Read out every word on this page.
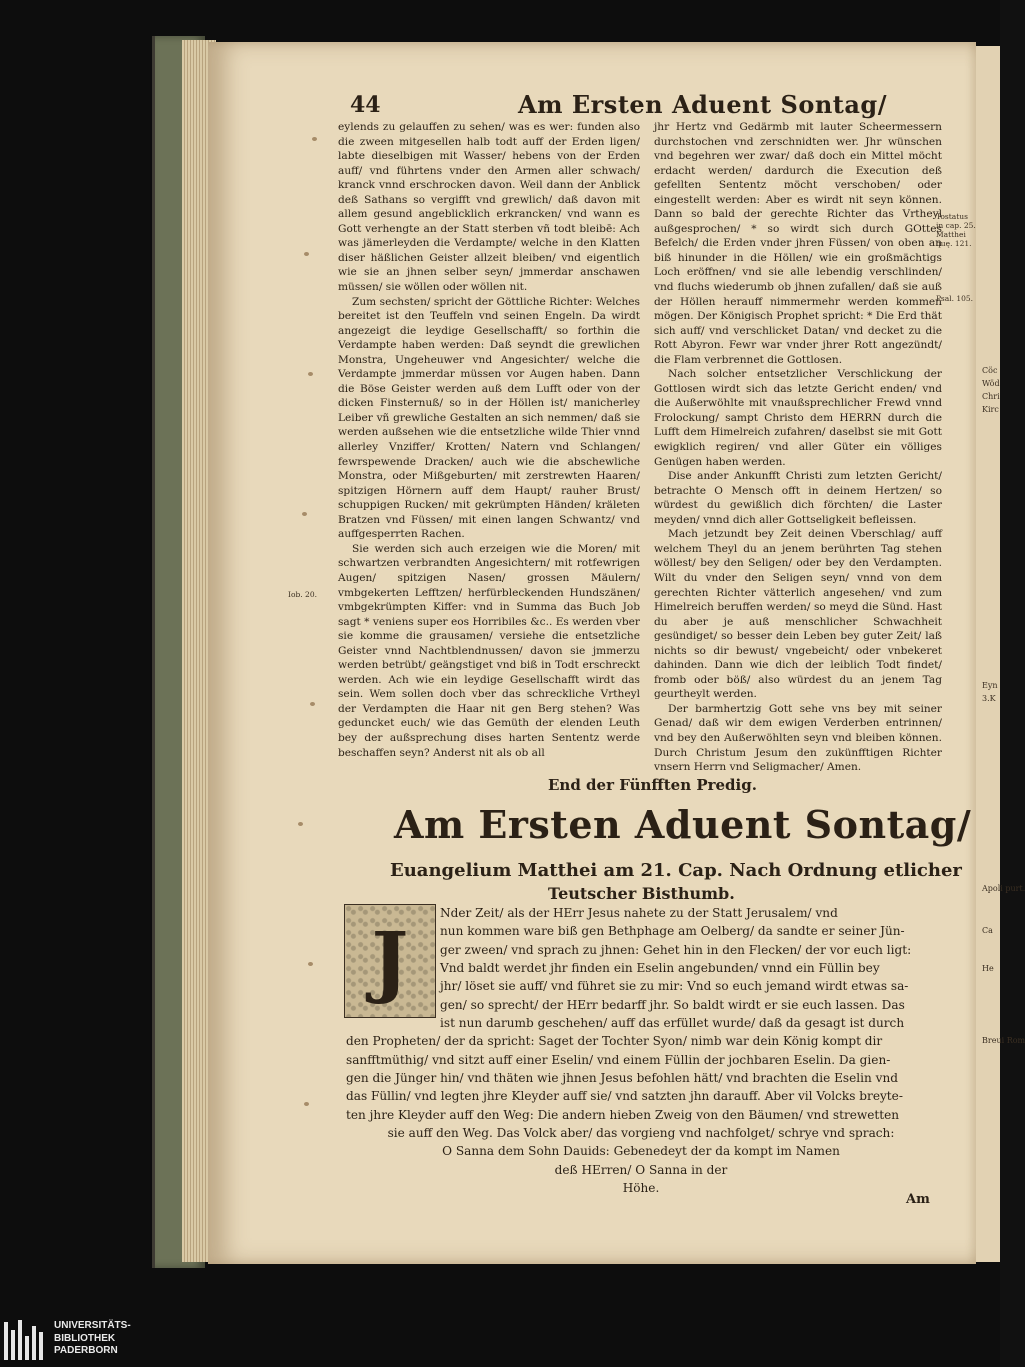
44	Am Ersten Aduent Sontag/

eylends zu gelauffen zu sehen/ was es wer: funden also die zween mitgesellen halb todt auff der Erden ligen/ labte dieselbigen mit Wasser/ hebens von der Erden auff/ vnd führtens vnder den Armen aller schwach/ kranck vnnd erschrocken davon. Weil dann der Anblick deß Sathans so vergifft vnd grewlich/ daß davon mit allem gesund angeblicklich erkrancken/ vnd wann es Gott verhengte an der Statt sterben vñ todt bleibē: Ach was jämerleyden die Verdampte/ welche in den Klatten diser häßlichen Geister allzeit bleiben/ vnd eigentlich wie sie an jhnen selber seyn/ jmmerdar anschawen müssen/ sie wöllen oder wöllen nit.

Zum sechsten/ spricht der Göttliche Richter: Welches bereitet ist den Teuffeln vnd seinen Engeln. Da wirdt angezeigt die leydige Gesellschafft/ so forthin die Verdampte haben werden: Daß seyndt die grewlichen Monstra, Ungeheuwer vnd Angesichter/ welche die Verdampte jmmerdar müssen vor Augen haben. Dann die Böse Geister werden auß dem Lufft oder von der dicken Finsternuß/ so in der Höllen ist/ manicherley Leiber vñ grewliche Gestalten an sich nemmen/ daß sie werden außsehen wie die entsetzliche wilde Thier vnnd allerley Vnziffer/ Krotten/ Natern vnd Schlangen/ fewrspewende Dracken/ auch wie die abschewliche Monstra, oder Mißgeburten/ mit zerstrewten Haaren/ spitzigen Hörnern auff dem Haupt/ rauher Brust/ schuppigen Rucken/ mit gekrümpten Händen/ kräleten Bratzen vnd Füssen/ mit einen langen Schwantz/ vnd auffgesperrten Rachen.

Sie werden sich auch erzeigen wie die Moren/ mit schwartzen verbrandten Angesichtern/ mit rotfewrigen Augen/ spitzigen Nasen/ grossen Mäulern/ vmbgekerten Lefftzen/ herfürbleckenden Hundszänen/ vmbgekrümpten Kiffer: vnd in Summa das Buch Job sagt * veniens super eos Horribiles &c.. Es werden vber sie komme die grausamen/ versiehe die entsetzliche Geister vnnd Nachtblendnussen/ davon sie jmmerzu werden betrübt/ geängstiget vnd biß in Todt erschreckt werden. Ach wie ein leydige Gesellschafft wirdt das sein. Wem sollen doch vber das schreckliche Vrtheyl der Verdampten die Haar nit gen Berg stehen? Was geduncket euch/ wie das Gemüth der elenden Leuth bey der außsprechung dises harten Sententz werde beschaffen seyn? Anderst nit als ob all

jhr Hertz vnd Gedärmb mit lauter Scheermessern durchstochen vnd zerschnidten wer. Jhr wünschen vnd begehren wer zwar/ daß doch ein Mittel möcht erdacht werden/ dardurch die Execution deß gefellten Sententz möcht verschoben/ oder eingestellt werden: Aber es wirdt nit seyn können. Dann so bald der gerechte Richter das Vrtheyl außgesprochen/ * so wirdt sich durch GOttes Befelch/ die Erden vnder jhren Füssen/ von oben an biß hinunder in die Höllen/ wie ein großmächtigs Loch eröffnen/ vnd sie alle lebendig verschlinden/ vnd fluchs wiederumb ob jhnen zufallen/ daß sie auß der Höllen herauff nimmermehr werden kommen mögen. Der Königisch Prophet spricht: * Die Erd thät sich auff/ vnd verschlicket Datan/ vnd decket zu die Rott Abyron. Fewr war vnder jhrer Rott angezündt/ die Flam verbrennet die Gottlosen.

Nach solcher entsetzlicher Verschlickung der Gottlosen wirdt sich das letzte Gericht enden/ vnd die Außerwöhlte mit vnaußsprechlicher Frewd vnnd Frolockung/ sampt Christo dem HERRN durch die Lufft dem Himelreich zufahren/ daselbst sie mit Gott ewigklich regiren/ vnd aller Güter ein völliges Genügen haben werden.

Dise ander Ankunfft Christi zum letzten Gericht/ betrachte O Mensch offt in deinem Hertzen/ so würdest du gewißlich dich förchten/ die Laster meyden/ vnnd dich aller Gottseligkeit befleissen.

Mach jetzundt bey Zeit deinen Vberschlag/ auff welchem Theyl du an jenem berührten Tag stehen wöllest/ bey den Seligen/ oder bey den Verdampten. Wilt du vnder den Seligen seyn/ vnnd von dem gerechten Richter vätterlich angesehen/ vnd zum Himelreich beruffen werden/ so meyd die Sünd. Hast du aber je auß menschlicher Schwachheit gesündiget/ so besser dein Leben bey guter Zeit/ laß nichts so dir bewust/ vngebeicht/ oder vnbekeret dahinden. Dann wie dich der leiblich Todt findet/ fromb oder böß/ also würdest du an jenem Tag geurtheylt werden.

Der barmhertzig Gott sehe vns bey mit seiner Genad/ daß wir dem ewigen Verderben entrinnen/ vnd bey den Außerwöhlten seyn vnd bleiben können. Durch Christum Jesum den zukünfftigen Richter vnsern Herrn vnd Seligmacher/ Amen.

Iob. 20.
Tostatus in cap. 25. Matthei quę. 121.
Psal. 105.
End der Fünfften Predig.
Am Ersten Aduent Sontag/
Euangelium Matthei am 21. Cap. Nach Ordnung etlicher
Teutscher Bisthumb.
J

Nder Zeit/ als der HErr Jesus nahete zu der Statt Jerusalem/ vnd

nun kommen ware biß gen Bethphage am Oelberg/ da sandte er seiner Jün-

ger zween/ vnd sprach zu jhnen: Gehet hin in den Flecken/ der vor euch ligt:

Vnd baldt werdet jhr finden ein Eselin angebunden/ vnnd ein Füllin bey

jhr/ löset sie auff/ vnd führet sie zu mir: Vnd so euch jemand wirdt etwas sa-

gen/ so sprecht/ der HErr bedarff jhr. So baldt wirdt er sie euch lassen. Das

ist nun darumb geschehen/ auff das erfüllet wurde/ daß da gesagt ist durch

den Propheten/ der da spricht: Saget der Tochter Syon/ nimb war dein König kompt dir

sanfftmüthig/ vnd sitzt auff einer Eselin/ vnd einem Füllin der jochbaren Eselin. Da gien-

gen die Jünger hin/ vnd thäten wie jhnen Jesus befohlen hätt/ vnd brachten die Eselin vnd

das Füllin/ vnd legten jhre Kleyder auff sie/ vnd satzten jhn darauff. Aber vil Volcks breyte-

ten jhre Kleyder auff den Weg: Die andern hieben Zweig von den Bäumen/ vnd strewetten

sie auff den Weg. Das Volck aber/ das vorgieng vnd nachfolget/ schrye vnd sprach:

O Sanna dem Sohn Dauids: Gebenedeyt der da kompt im Namen

deß HErren/ O Sanna in der

Höhe.

Am
Cöc
Wöd
Chri
Kirc
Eyn
3.K
Apoli purt.
Ca
He
Breui Rom
UNIVERSITÄTS-
BIBLIOTHEK
PADERBORN
